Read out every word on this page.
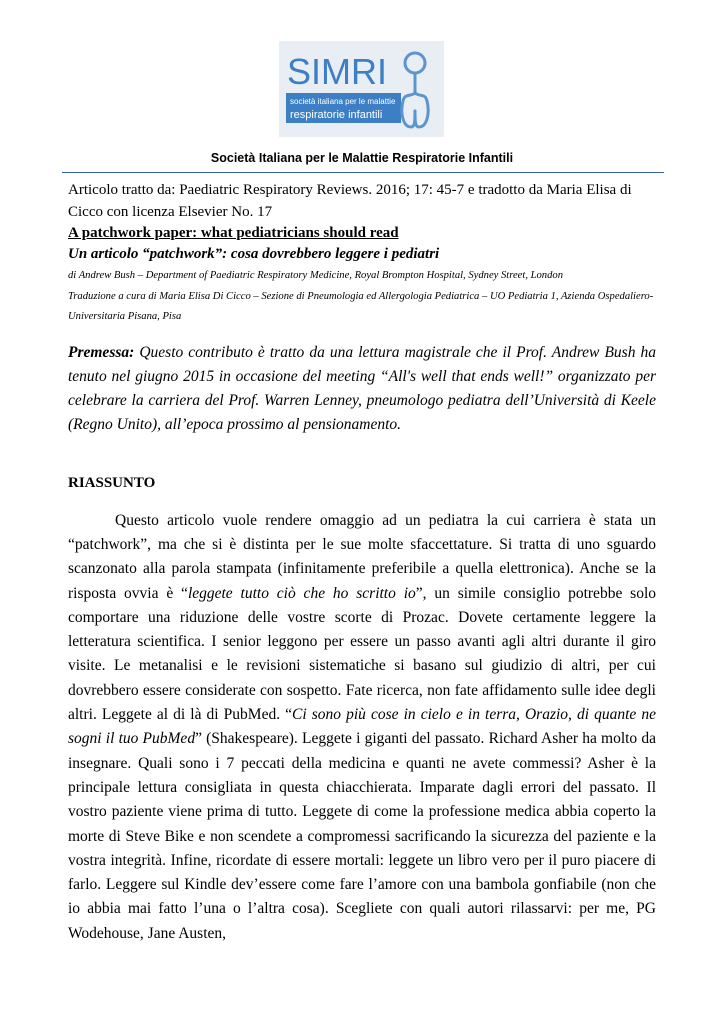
SIMRI
società italiana per le malattie
respiratorie infantili
Società Italiana per le Malattie Respiratorie Infantili

Articolo tratto da: Paediatric Respiratory Reviews. 2016; 17: 45-7 e tradotto da Maria Elisa di Cicco con licenza Elsevier No. 17

A patchwork paper: what pediatricians should read

Un articolo “patchwork”: cosa dovrebbero leggere i pediatri

di Andrew Bush – Department of Paediatric Respiratory Medicine, Royal Brompton Hospital, Sydney Street, London
Traduzione a cura di Maria Elisa Di Cicco – Sezione di Pneumologia ed Allergologia Pediatrica – UO Pediatria 1, Azienda Ospedaliero-Universitaria Pisana, Pisa

Premessa: Questo contributo è tratto da una lettura magistrale che il Prof. Andrew Bush ha tenuto nel giugno 2015 in occasione del meeting “All's well that ends well!” organizzato per celebrare la carriera del Prof. Warren Lenney, pneumologo pediatra dell’Università di Keele (Regno Unito), all’epoca prossimo al pensionamento.

RIASSUNTO

Questo articolo vuole rendere omaggio ad un pediatra la cui carriera è stata un “patchwork”, ma che si è distinta per le sue molte sfaccettature. Si tratta di uno sguardo scanzonato alla parola stampata (infinitamente preferibile a quella elettronica). Anche se la risposta ovvia è “leggete tutto ciò che ho scritto io”, un simile consiglio potrebbe solo comportare una riduzione delle vostre scorte di Prozac. Dovete certamente leggere la letteratura scientifica. I senior leggono per essere un passo avanti agli altri durante il giro visite. Le metanalisi e le revisioni sistematiche si basano sul giudizio di altri, per cui dovrebbero essere considerate con sospetto. Fate ricerca, non fate affidamento sulle idee degli altri. Leggete al di là di PubMed. “Ci sono più cose in cielo e in terra, Orazio, di quante ne sogni il tuo PubMed” (Shakespeare). Leggete i giganti del passato. Richard Asher ha molto da insegnare. Quali sono i 7 peccati della medicina e quanti ne avete commessi? Asher è la principale lettura consigliata in questa chiacchierata. Imparate dagli errori del passato. Il vostro paziente viene prima di tutto. Leggete di come la professione medica abbia coperto la morte di Steve Bike e non scendete a compromessi sacrificando la sicurezza del paziente e la vostra integrità. Infine, ricordate di essere mortali: leggete un libro vero per il puro piacere di farlo. Leggere sul Kindle dev’essere come fare l’amore con una bambola gonfiabile (non che io abbia mai fatto l’una o l’altra cosa). Scegliete con quali autori rilassarvi: per me, PG Wodehouse, Jane Austen,
